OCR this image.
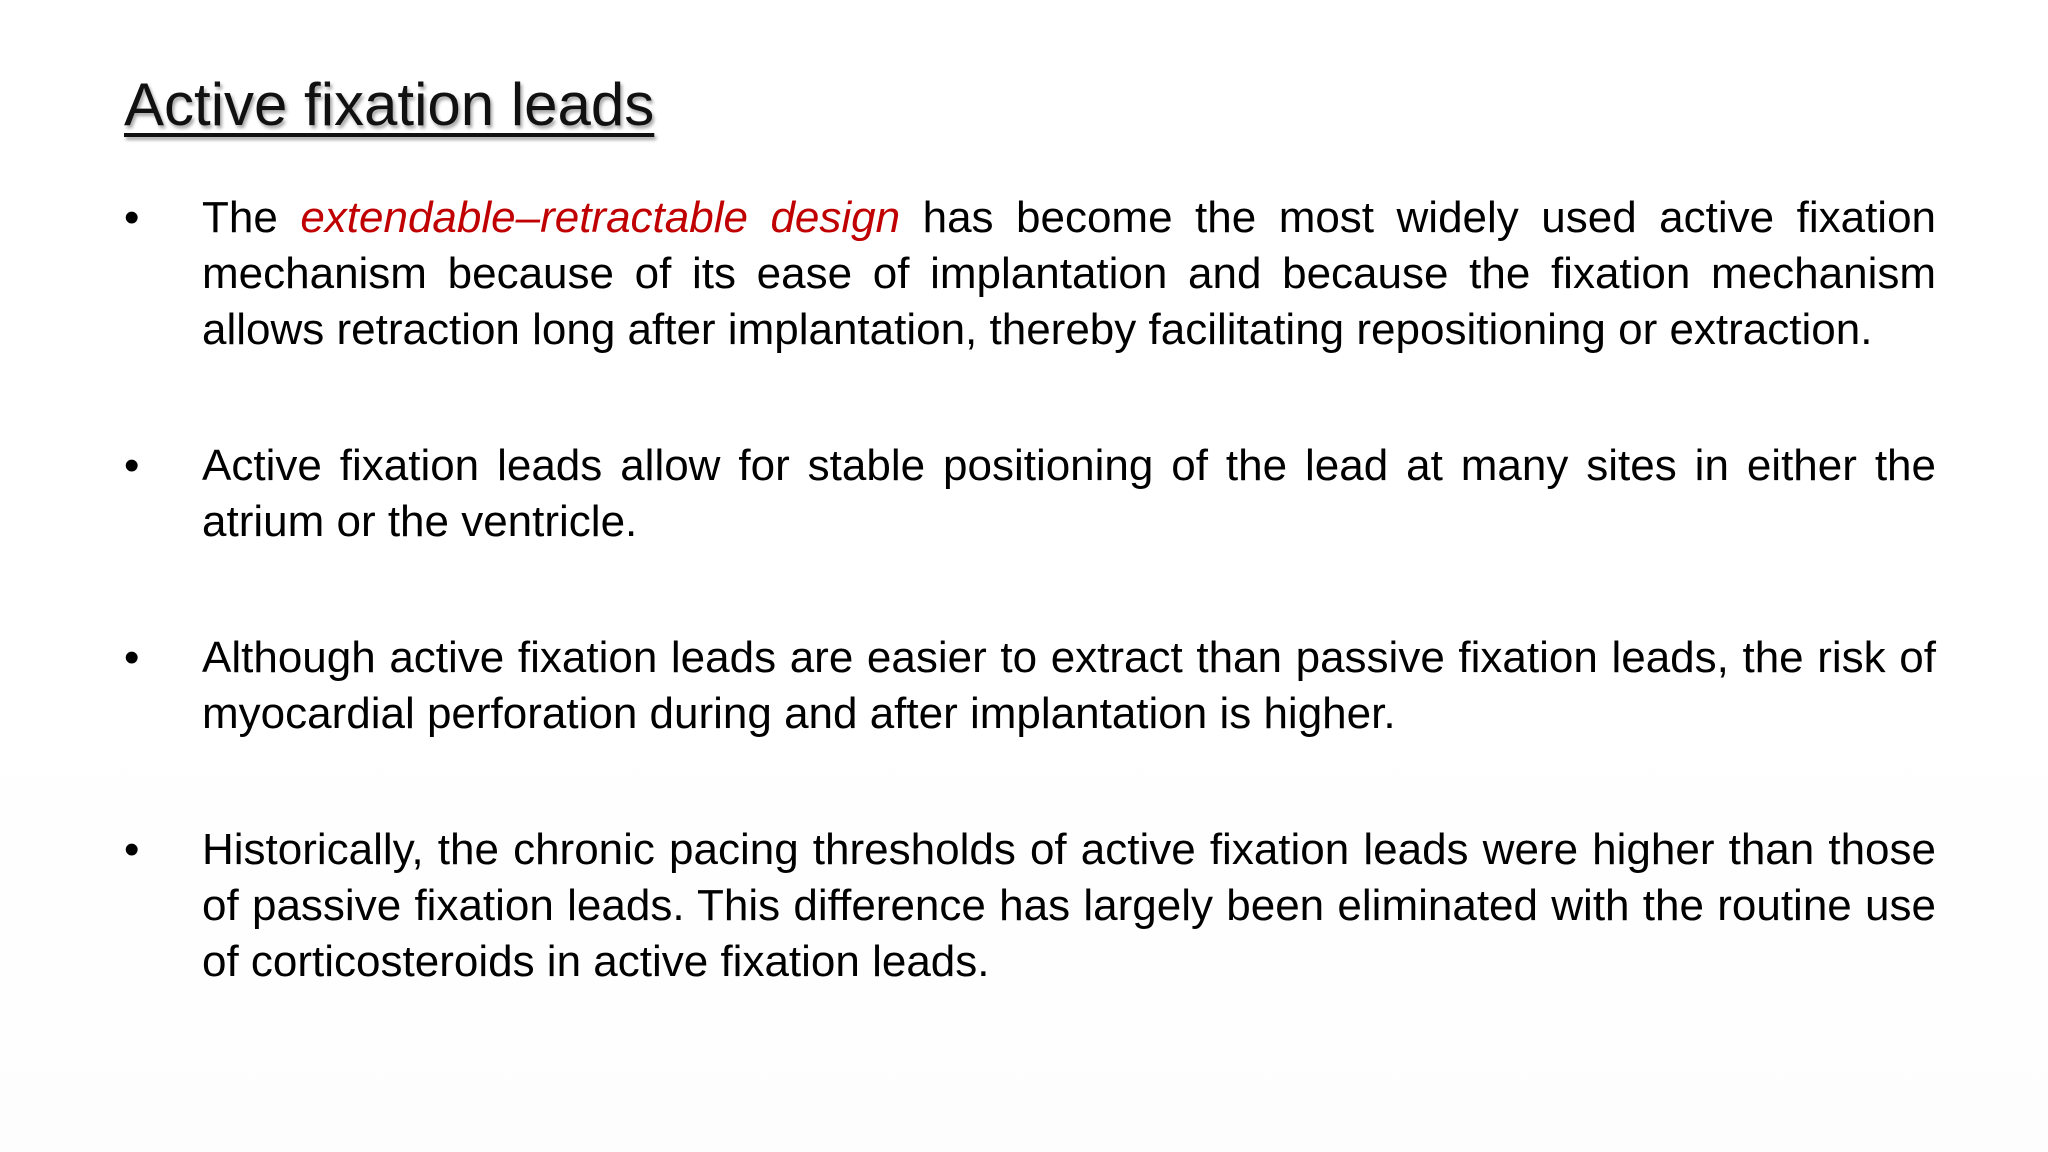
Active fixation leads
•	The extendable–retractable design has become the most widely used active fixation mechanism because of its ease of implantation and because the fixation mechanism allows retraction long after implantation, thereby facilitating repositioning or extraction.
•	Active fixation leads allow for stable positioning of the lead at many sites in either the atrium or the ventricle.
•	Although active fixation leads are easier to extract than passive fixation leads, the risk of myocardial perforation during and after implantation is higher.
•	Historically, the chronic pacing thresholds of active fixation leads were higher than those of passive fixation leads. This difference has largely been eliminated with the routine use of corticosteroids in active fixation leads.
